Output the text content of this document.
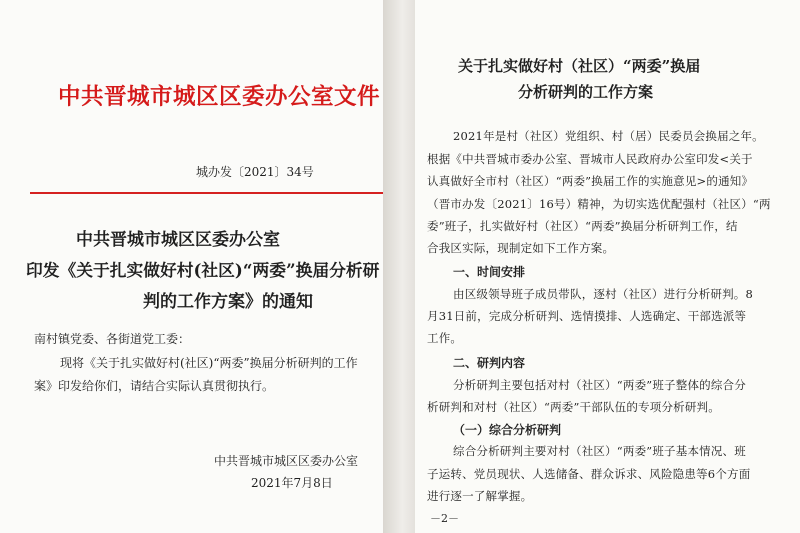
中共晋城市城区区委办公室文件
城办发〔2021〕34号
中共晋城市城区区委办公室
印发《关于扎实做好村(社区)“两委”换届分析研
判的工作方案》的通知
南村镇党委、各街道党工委：
现将《关于扎实做好村(社区)“两委”换届分析研判的工作
案》印发给你们，请结合实际认真贯彻执行。
中共晋城市城区区委办公室
2021年7月8日
关于扎实做好村（社区）“两委”换届
分析研判的工作方案
2021年是村（社区）党组织、村（居）民委员会换届之年。
根据《中共晋城市委办公室、晋城市人民政府办公室印发<关于
认真做好全市村（社区）“两委”换届工作的实施意见>的通知》
（晋市办发〔2021〕16号）精神，为切实选优配强村（社区）“两
委”班子，扎实做好村（社区）“两委”换届分析研判工作，结
合我区实际，现制定如下工作方案。
一、时间安排
由区级领导班子成员带队，逐村（社区）进行分析研判。8
月31日前，完成分析研判、选情摸排、人选确定、干部选派等
工作。
二、研判内容
分析研判主要包括对村（社区）“两委”班子整体的综合分
析研判和对村（社区）“两委”干部队伍的专项分析研判。
（一）综合分析研判
综合分析研判主要对村（社区）“两委”班子基本情况、班
子运转、党员现状、人选储备、群众诉求、风险隐患等6个方面
进行逐一了解掌握。
－2－
